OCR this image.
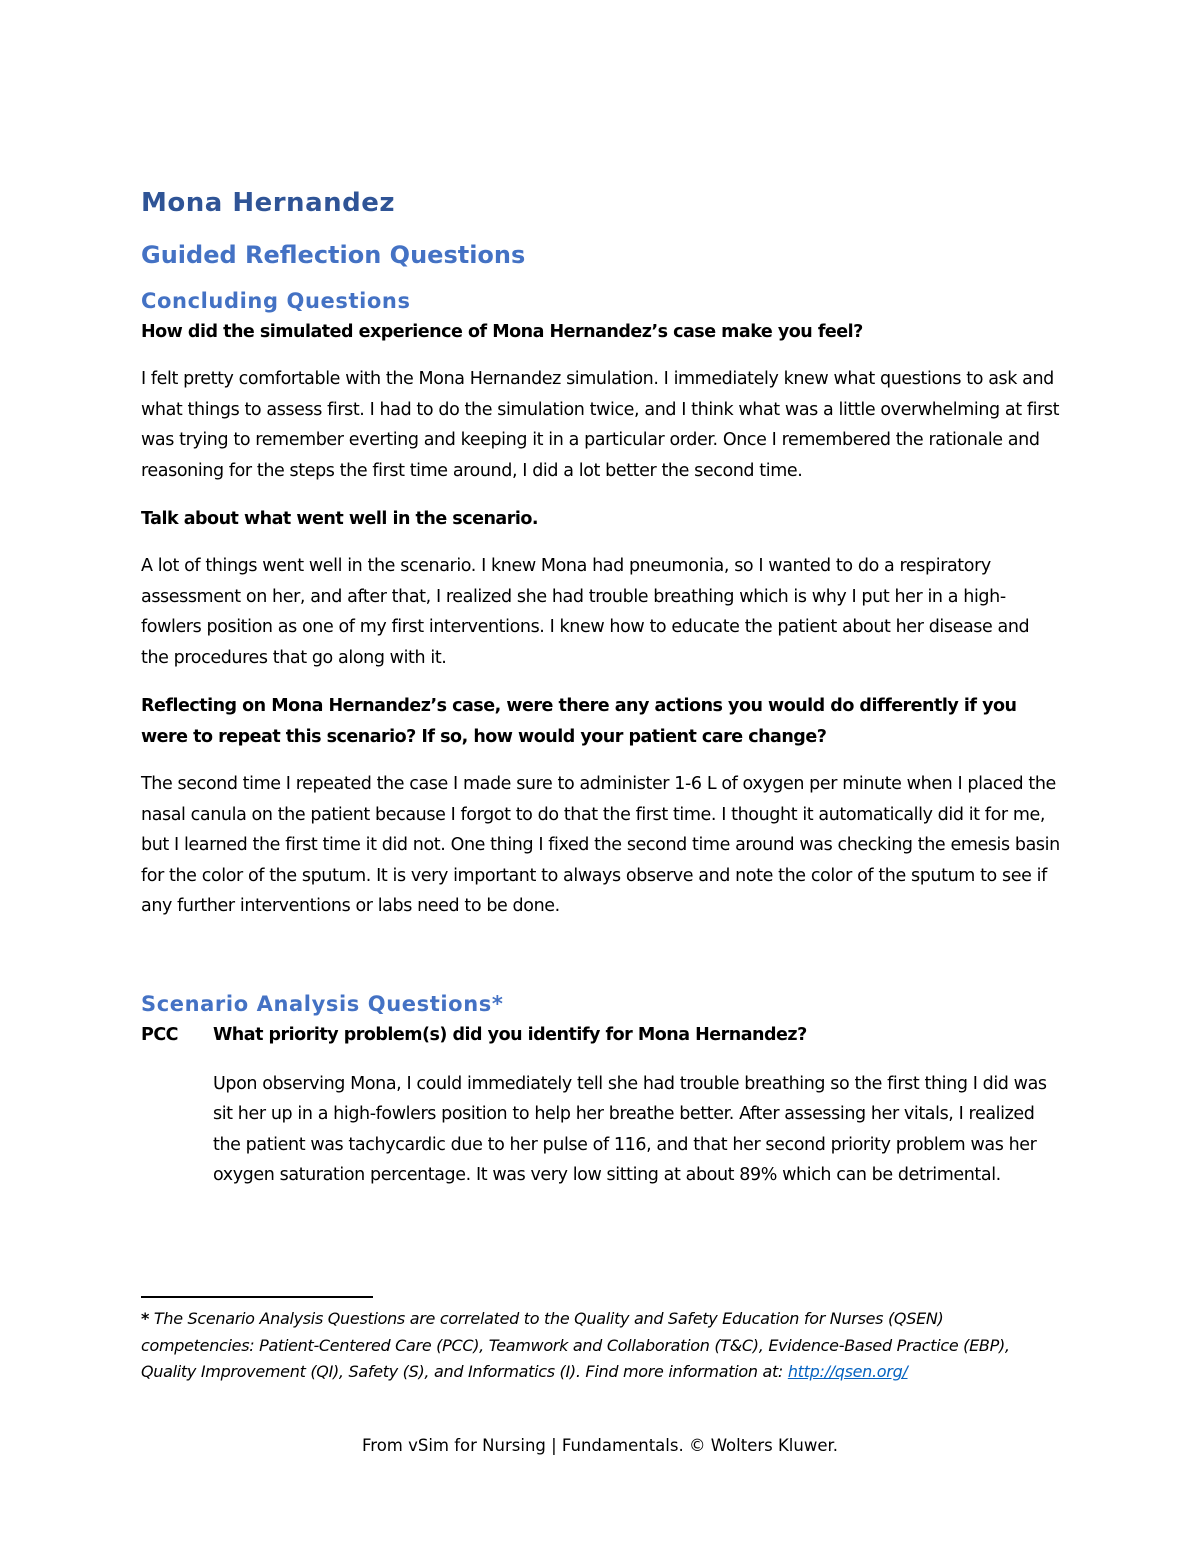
Mona Hernandez
Guided Reflection Questions
Concluding Questions

How did the simulated experience of Mona Hernandez’s case make you feel?

I felt pretty comfortable with the Mona Hernandez simulation. I immediately knew what questions to ask and what things to assess first. I had to do the simulation twice, and I think what was a little overwhelming at first was trying to remember everting and keeping it in a particular order. Once I remembered the rationale and reasoning for the steps the first time around, I did a lot better the second time.

Talk about what went well in the scenario.

A lot of things went well in the scenario. I knew Mona had pneumonia, so I wanted to do a respiratory assessment on her, and after that, I realized she had trouble breathing which is why I put her in a high-fowlers position as one of my first interventions. I knew how to educate the patient about her disease and the procedures that go along with it.

Reflecting on Mona Hernandez’s case, were there any actions you would do differently if you were to repeat this scenario? If so, how would your patient care change?

The second time I repeated the case I made sure to administer 1-6 L of oxygen per minute when I placed the nasal canula on the patient because I forgot to do that the first time. I thought it automatically did it for me, but I learned the first time it did not. One thing I fixed the second time around was checking the emesis basin for the color of the sputum. It is very important to always observe and note the color of the sputum to see if any further interventions or labs need to be done.

Scenario Analysis Questions*
PCC What priority problem(s) did you identify for Mona Hernandez?

Upon observing Mona, I could immediately tell she had trouble breathing so the first thing I did was sit her up in a high-fowlers position to help her breathe better. After assessing her vitals, I realized the patient was tachycardic due to her pulse of 116, and that her second priority problem was her oxygen saturation percentage. It was very low sitting at about 89% which can be detrimental.

* The Scenario Analysis Questions are correlated to the Quality and Safety Education for Nurses (QSEN) competencies: Patient-Centered Care (PCC), Teamwork and Collaboration (T&C), Evidence-Based Practice (EBP), Quality Improvement (QI), Safety (S), and Informatics (I). Find more information at: http://qsen.org/
From vSim for Nursing | Fundamentals. © Wolters Kluwer.
